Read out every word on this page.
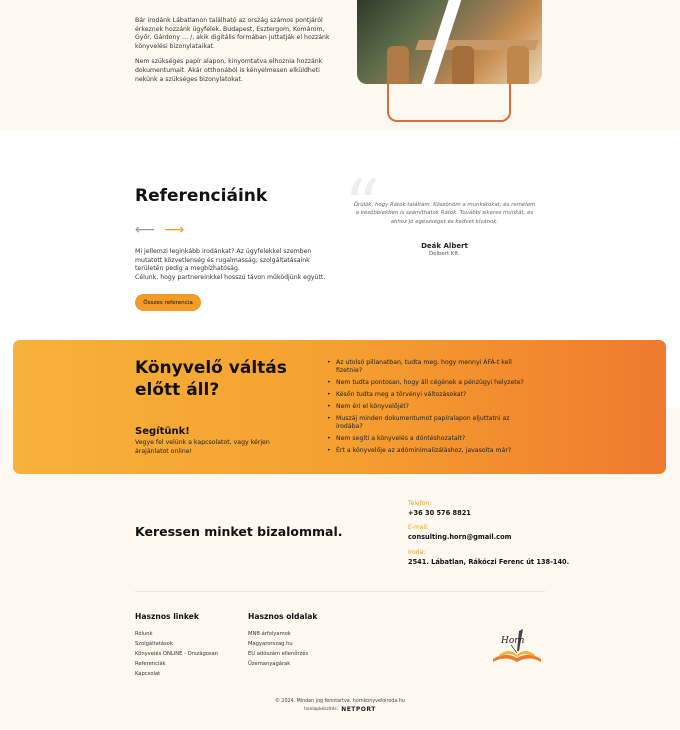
Bár irodánk Lábatlanon található az ország számos pontjáról érkeznek hozzánk ügyfelek. Budapest, Esztergom, Komárom, Győr, Gárdony … /, akik digitális formában juttatják el hozzánk könyvelési bizonylataikat.

Nem szükséges papír alapon, kinyomtatva elhozniа hozzánk dokumentumait. Akár otthonából is kényelmesen elküldheti nekünk a szükséges bizonylatokat.

Referenciáink
⟵ ⟶
Mi jellemzi leginkább irodánkat? Az ügyfelekkel szemben mutatott közvetlenség és rugalmasság, szolgáltatásaink területén pedig a megbízhatóság.
Célunk, hogy partnereinkkel hosszú távon működjünk együtt.
Összes referencia
“

Örülök, hogy Rátok találtam. Köszönöm a munkátokat, és remélem a későbbiekben is számíthatok Rátok. További sikeres munkát, és ahhoz jó egészséget és kedvet kívánok.

Deák Albert
Delbert Kft.
Könyvelő váltás előtt áll?
Segítünk!
Vegye fel velünk a kapcsolatot, vagy kérjen árajánlatot online!
• Az utolsó pillanatban, tudta meg, hogy mennyi ÁFÁ-t kell fizetnie?
• Nem tudta pontosan, hogy áll cégének a pénzügyi helyzete?
• Későn tudta meg a törvényi változásokat?
• Nem éri el könyvelőjét?
• Muszáj minden dokumentumot papíralapon eljuttatni az irodába?
• Nem segíti a könyvelés a döntéshozatalt?
• Ért a könyvelője az adóminimalizáláshoz, javasolta már?
Keressen minket bizalommal.
Telefon:
+36 30 576 8821
E-mail:
consulting.horn@gmail.com
Iroda:
2541. Lábatlan, Rákóczi Ferenc út 138-140.
Hasznos linkek
Rólunk
Szolgáltatások
Könyvelés ONLINE - Országosan
Referenciák
Kapcsolat
Hasznos oldalak
MNB árfolyamok
Magyarorszag.hu
EU adószám ellenőrzés
Üzemanyagárak
Horn
© 2024. Minden jog fenntartva. hornkonyveloiroda.hu
honlapkészítés: NETPORT
